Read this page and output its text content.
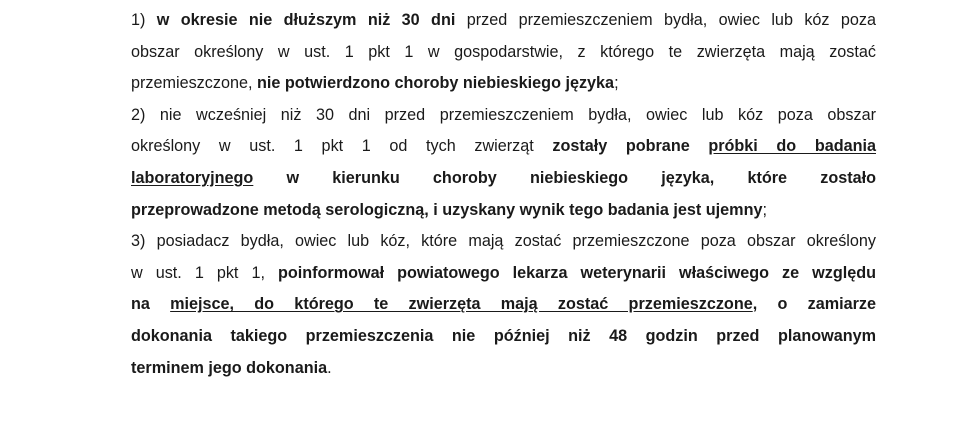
1) w okresie nie dłuższym niż 30 dni przed przemieszczeniem bydła, owiec lub kóz poza
obszar określony w ust. 1 pkt 1 w gospodarstwie, z którego te zwierzęta mają zostać
przemieszczone, nie potwierdzono choroby niebieskiego języka;
2) nie wcześniej niż 30 dni przed przemieszczeniem bydła, owiec lub kóz poza obszar
określony w ust. 1 pkt 1 od tych zwierząt zostały pobrane próbki do badania
laboratoryjnego w kierunku choroby niebieskiego języka, które zostało
przeprowadzone metodą serologiczną, i uzyskany wynik tego badania jest ujemny;
3) posiadacz bydła, owiec lub kóz, które mają zostać przemieszczone poza obszar określony
w ust. 1 pkt 1, poinformował powiatowego lekarza weterynarii właściwego ze względu
na miejsce, do którego te zwierzęta mają zostać przemieszczone, o zamiarze
dokonania takiego przemieszczenia nie później niż 48 godzin przed planowanym
terminem jego dokonania.
